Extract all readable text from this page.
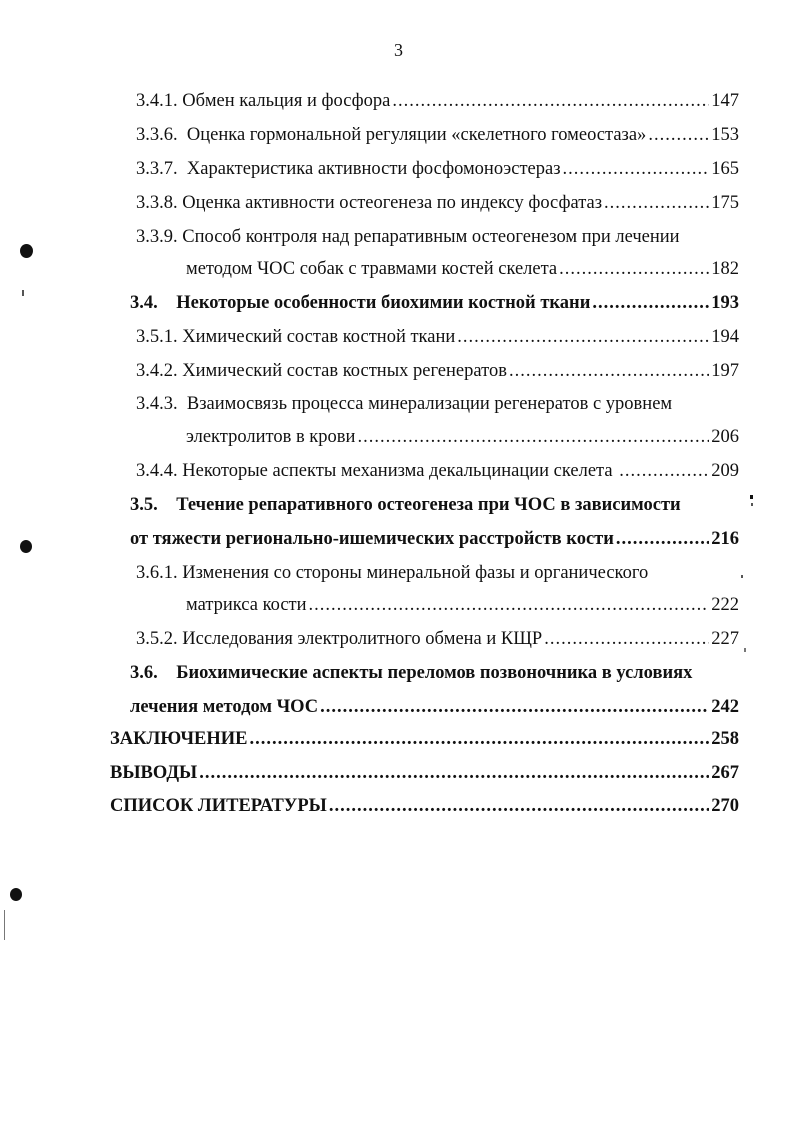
3
3.4.1. Обмен кальция и фосфора .....	147
3.3.6. Оценка гормональной регуляции «скелетного гомеостаза» .....	153
3.3.7. Характеристика активности фосфомоноэстераз .....	165
3.3.8. Оценка активности остеогенеза по индексу фосфатаз .....	175
3.3.9. Способ контроля над репаративным остеогенезом при лечении
методом ЧОС собак с травмами костей скелета .....	182
3.4. Некоторые особенности биохимии костной ткани .....	193
3.5.1. Химический состав костной ткани .....	194
3.4.2. Химический состав костных регенератов .....	197
3.4.3. Взаимосвязь процесса минерализации регенератов с уровнем
электролитов в крови .....	206
3.4.4. Некоторые аспекты механизма декальцинации скелета .....	209
3.5. Течение репаративного остеогенеза при ЧОС в зависимости
от тяжести регионально-ишемических расстройств кости .....	216
3.6.1. Изменения со стороны минеральной фазы и органического
матрикса кости .....	222
3.5.2. Исследования электролитного обмена и КЩР .....	227
3.6. Биохимические аспекты переломов позвоночника в условиях
лечения методом ЧОС .....	242
ЗАКЛЮЧЕНИЕ .....	258
ВЫВОДЫ .....	267
СПИСОК ЛИТЕРАТУРЫ .....	270
